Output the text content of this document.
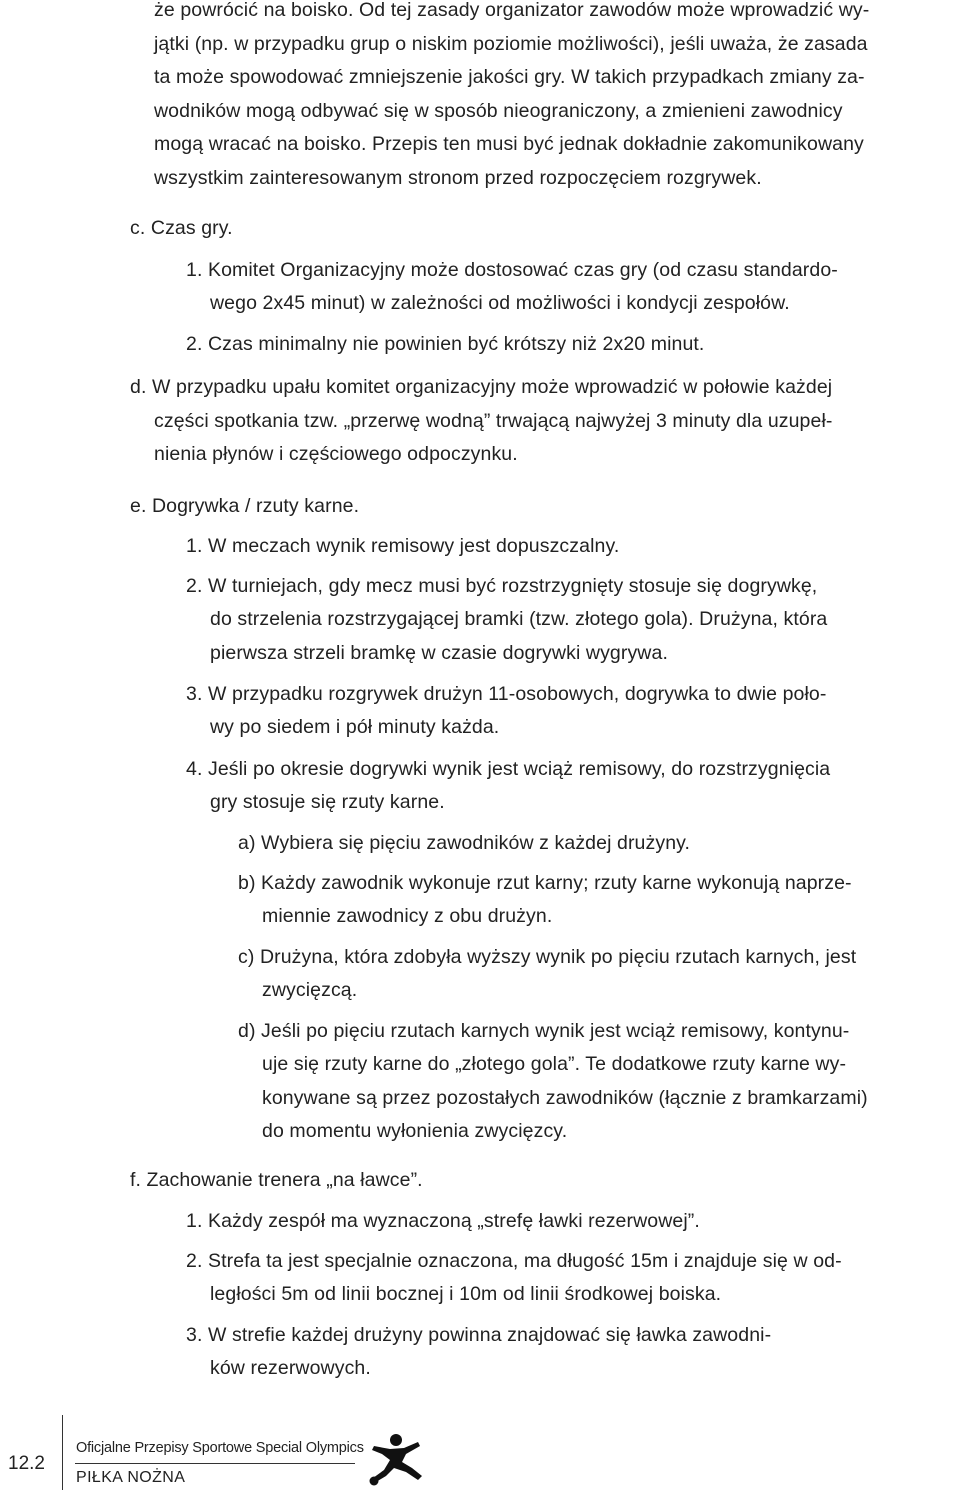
że powrócić na boisko. Od tej zasady organizator zawodów może wprowadzić wy-
jątki (np. w przypadku grup o niskim poziomie możliwości), jeśli uważa, że zasada
ta może spowodować zmniejszenie jakości gry. W takich przypadkach zmiany za-
wodników mogą odbywać się w sposób nieograniczony, a zmienieni zawodnicy
mogą wracać na boisko. Przepis ten musi być jednak dokładnie zakomunikowany
wszystkim zainteresowanym stronom przed rozpoczęciem rozgrywek.
c. Czas gry.
1. Komitet Organizacyjny może dostosować czas gry (od czasu standardo-
wego 2x45 minut) w zależności od możliwości i kondycji zespołów.
2. Czas minimalny nie powinien być krótszy niż 2x20 minut.
d. W przypadku upału komitet organizacyjny może wprowadzić w połowie każdej
części spotkania tzw. „przerwę wodną” trwającą najwyżej 3 minuty dla uzupeł-
nienia płynów i częściowego odpoczynku.
e. Dogrywka / rzuty karne.
1. W meczach wynik remisowy jest dopuszczalny.
2. W turniejach, gdy mecz musi być rozstrzygnięty stosuje się dogrywkę,
do strzelenia rozstrzygającej bramki (tzw. złotego gola). Drużyna, która
pierwsza strzeli bramkę w czasie dogrywki wygrywa.
3. W przypadku rozgrywek drużyn 11-osobowych, dogrywka to dwie poło-
wy po siedem i pół minuty każda.
4. Jeśli po okresie dogrywki wynik jest wciąż remisowy, do rozstrzygnięcia
gry stosuje się rzuty karne.
a) Wybiera się pięciu zawodników z każdej drużyny.
b) Każdy zawodnik wykonuje rzut karny; rzuty karne wykonują naprze-
miennie zawodnicy z obu drużyn.
c) Drużyna, która zdobyła wyższy wynik po pięciu rzutach karnych, jest
zwycięzcą.
d) Jeśli po pięciu rzutach karnych wynik jest wciąż remisowy, kontynu-
uje się rzuty karne do „złotego gola”. Te dodatkowe rzuty karne wy-
konywane są przez pozostałych zawodników (łącznie z bramkarzami)
do momentu wyłonienia zwycięzcy.
f. Zachowanie trenera „na ławce”.
1. Każdy zespół ma wyznaczoną „strefę ławki rezerwowej”.
2. Strefa ta jest specjalnie oznaczona, ma długość 15m i znajduje się w od-
ległości 5m od linii bocznej i 10m od linii środkowej boiska.
3. W strefie każdej drużyny powinna znajdować się ławka zawodni-
ków rezerwowych.
12.2
Oficjalne Przepisy Sportowe Special Olympics
PIŁKA NOŻNA
